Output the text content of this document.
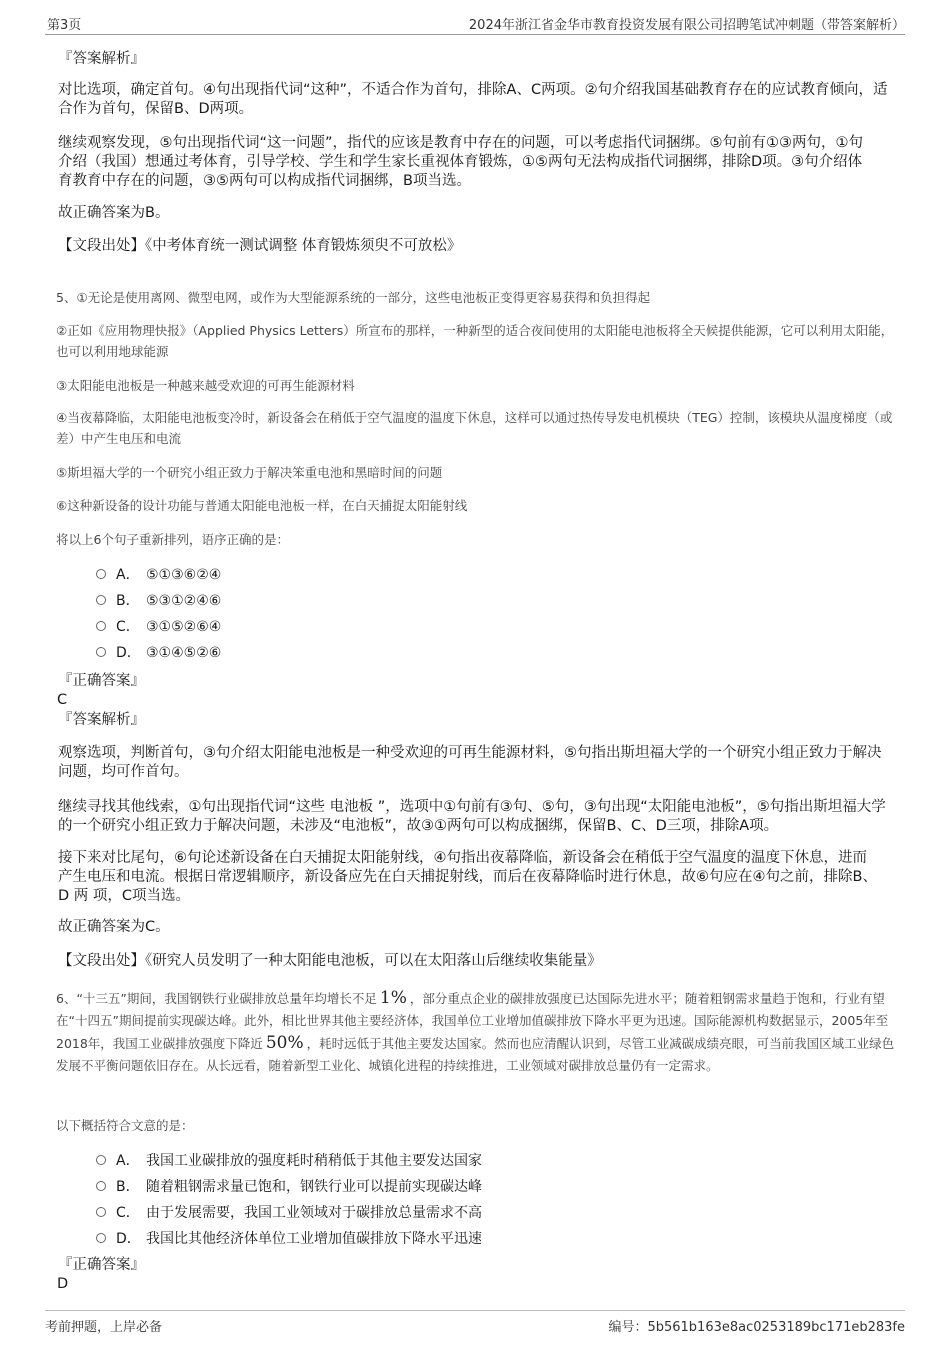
第3页	2024年浙江省金华市教育投资发展有限公司招聘笔试冲刺题（带答案解析）

『答案解析』

对比选项，确定首句。④句出现指代词“这种”，不适合作为首句，排除A、C两项。②句介绍我国基础教育存在的应试教育倾向，适合作为首句，保留B、D两项。

继续观察发现，⑤句出现指代词“这一问题”，指代的应该是教育中存在的问题，可以考虑指代词捆绑。⑤句前有①③两句，①句介绍（我国）想通过考体育，引导学校、学生和学生家长重视体育锻炼，①⑤两句无法构成指代词捆绑，排除D项。③句介绍体育教育中存在的问题，③⑤两句可以构成指代词捆绑，B项当选。

故正确答案为B。

【文段出处】《中考体育统一测试调整 体育锻炼须臾不可放松》

5、①无论是使用离网、微型电网，或作为大型能源系统的一部分，这些电池板正变得更容易获得和负担得起

②正如《应用物理快报》（Applied Physics Letters）所宣布的那样，一种新型的适合夜间使用的太阳能电池板将全天候提供能源，它可以利用太阳能，也可以利用地球能源

③太阳能电池板是一种越来越受欢迎的可再生能源材料

④当夜幕降临，太阳能电池板变冷时，新设备会在稍低于空气温度的温度下休息，这样可以通过热传导发电机模块（TEG）控制，该模块从温度梯度（或差）中产生电压和电流

⑤斯坦福大学的一个研究小组正致力于解决笨重电池和黑暗时间的问题

⑥这种新设备的设计功能与普通太阳能电池板一样，在白天捕捉太阳能射线

将以上6个句子重新排列，语序正确的是：

A． ⑤①③⑥②④
B． ⑤③①②④⑥
C． ③①⑤②⑥④
D． ③①④⑤②⑥

『正确答案』

C

『答案解析』

观察选项，判断首句，③句介绍太阳能电池板是一种受欢迎的可再生能源材料，⑤句指出斯坦福大学的一个研究小组正致力于解决问题，均可作首句。

继续寻找其他线索，①句出现指代词“这些 电池板 ”，选项中①句前有③句、⑤句，③句出现“太阳能电池板”，⑤句指出斯坦福大学的一个研究小组正致力于解决问题，未涉及“电池板”，故③①两句可以构成捆绑，保留B、C、D三项，排除A项。

接下来对比尾句，⑥句论述新设备在白天捕捉太阳能射线，④句指出夜幕降临，新设备会在稍低于空气温度的温度下休息，进而产生电压和电流。根据日常逻辑顺序，新设备应先在白天捕捉射线，而后在夜幕降临时进行休息，故⑥句应在④句之前，排除B、D 两 项，C项当选。

故正确答案为C。

【文段出处】《研究人员发明了一种太阳能电池板，可以在太阳落山后继续收集能量》

6、“十三五”期间，我国钢铁行业碳排放总量年均增长不足 1% ，部分重点企业的碳排放强度已达国际先进水平；随着粗钢需求量趋于饱和，行业有望在“十四五”期间提前实现碳达峰。此外，相比世界其他主要经济体，我国单位工业增加值碳排放下降水平更为迅速。国际能源机构数据显示，2005年至2018年，我国工业碳排放强度下降近 50% ，耗时远低于其他主要发达国家。然而也应清醒认识到，尽管工业减碳成绩亮眼，可当前我国区域工业绿色发展不平衡问题依旧存在。从长远看，随着新型工业化、城镇化进程的持续推进，工业领域对碳排放总量仍有一定需求。

以下概括符合文意的是：

A． 我国工业碳排放的强度耗时稍稍低于其他主要发达国家
B． 随着粗钢需求量已饱和，钢铁行业可以提前实现碳达峰
C． 由于发展需要，我国工业领域对于碳排放总量需求不高
D． 我国比其他经济体单位工业增加值碳排放下降水平迅速

『正确答案』

D

考前押题，上岸必备	编号：5b561b163e8ac0253189bc171eb283fe
